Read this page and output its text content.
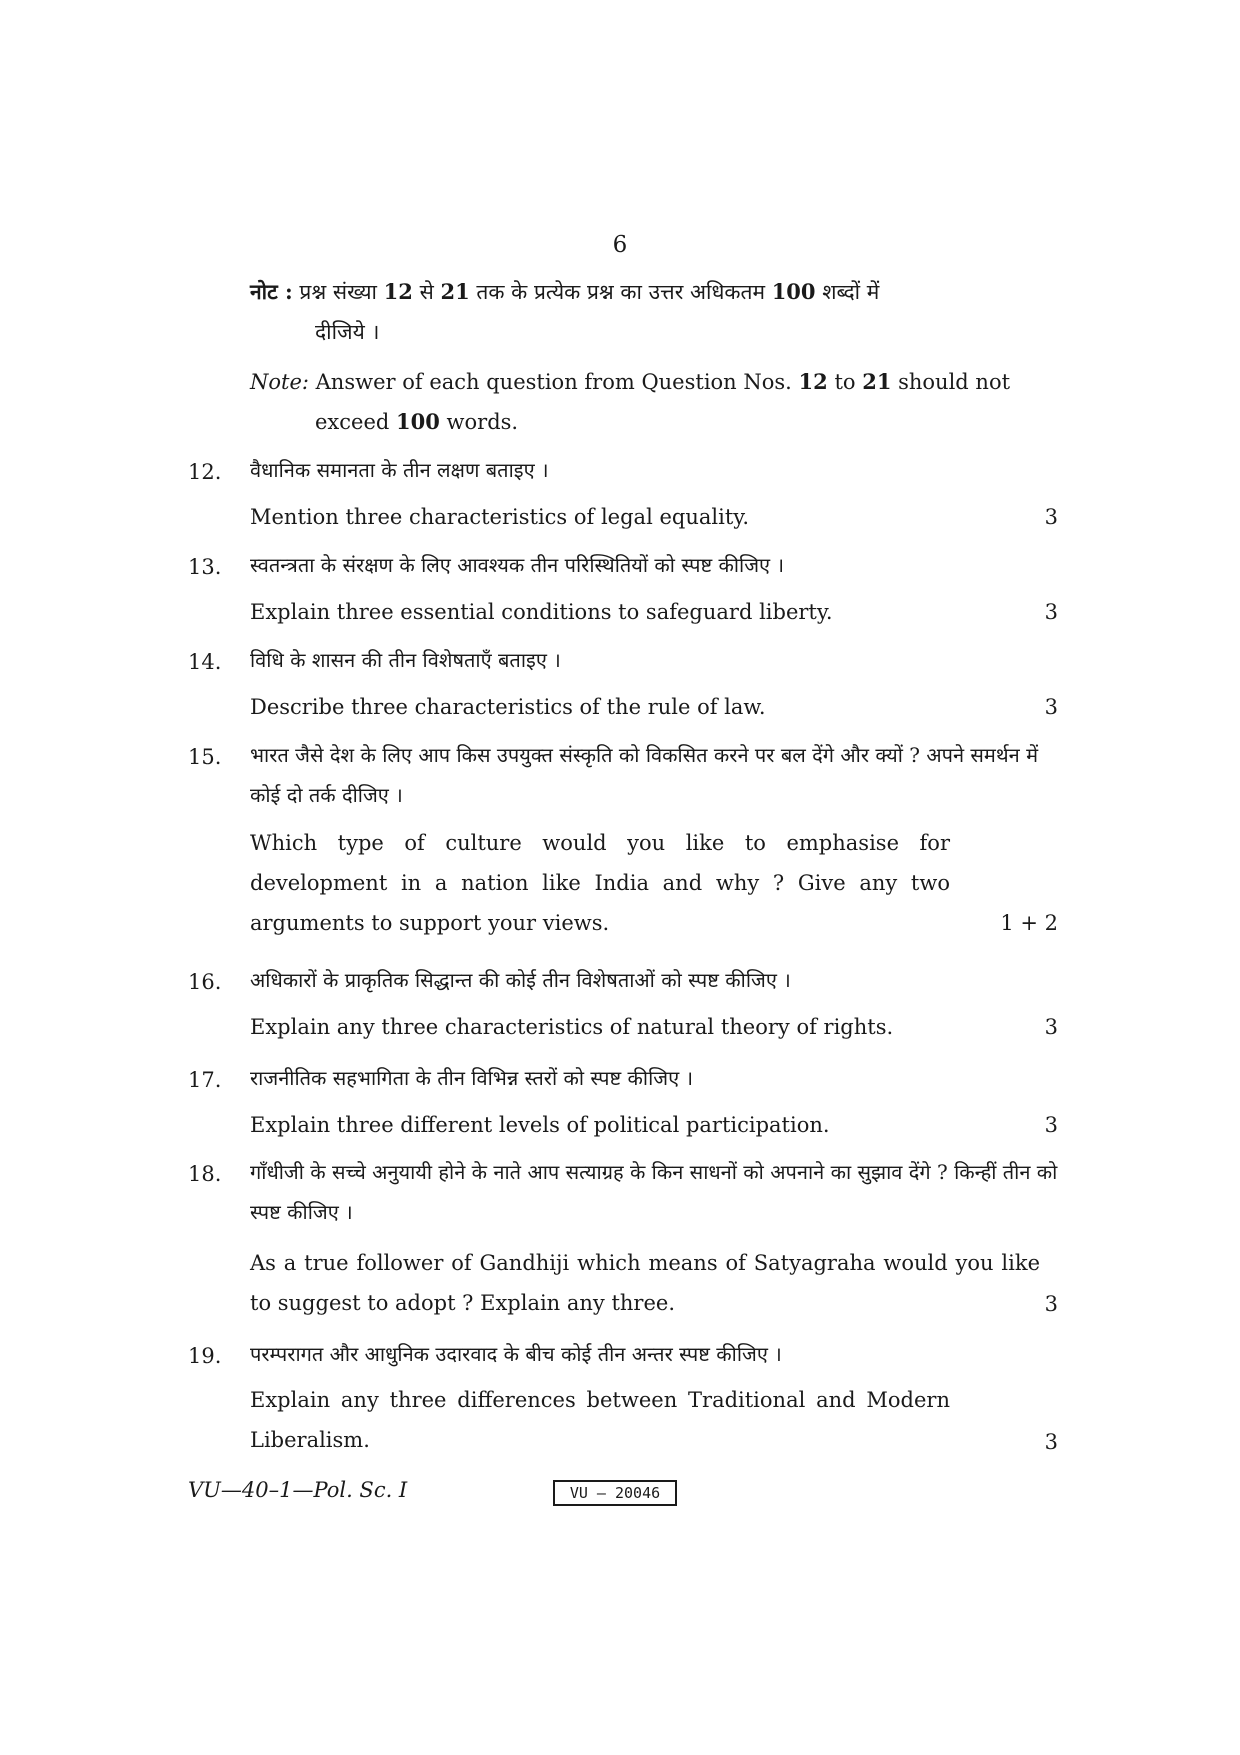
6
नोट : प्रश्न संख्या 12 से 21 तक के प्रत्येक प्रश्न का उत्तर अधिकतम 100 शब्दों में
दीजिये ।
Note: Answer of each question from Question Nos. 12 to 21 should not
exceed 100 words.
12.	वैधानिक समानता के तीन लक्षण बताइए ।
Mention three characteristics of legal equality.	3
13.	स्वतन्त्रता के संरक्षण के लिए आवश्यक तीन परिस्थितियों को स्पष्ट कीजिए ।
Explain three essential conditions to safeguard liberty.	3
14.	विधि के शासन की तीन विशेषताएँ बताइए ।
Describe three characteristics of the rule of law.	3
15.	भारत जैसे देश के लिए आप किस उपयुक्त संस्कृति को विकसित करने पर बल देंगे और क्यों ? अपने समर्थन में कोई दो तर्क दीजिए ।
Which type of culture would you like to emphasise for development in a nation like India and why ? Give any two arguments to support your views.	1 + 2
16.	अधिकारों के प्राकृतिक सिद्धान्त की कोई तीन विशेषताओं को स्पष्ट कीजिए ।
Explain any three characteristics of natural theory of rights.	3
17.	राजनीतिक सहभागिता के तीन विभिन्न स्तरों को स्पष्ट कीजिए ।
Explain three different levels of political participation.	3
18.	गाँधीजी के सच्चे अनुयायी होने के नाते आप सत्याग्रह के किन साधनों को अपनाने का सुझाव देंगे ? किन्हीं तीन को स्पष्ट कीजिए ।
As a true follower of Gandhiji which means of Satyagraha would you like to suggest to adopt ? Explain any three.	3
19.	परम्परागत और आधुनिक उदारवाद के बीच कोई तीन अन्तर स्पष्ट कीजिए ।
Explain any three differences between Traditional and Modern Liberalism.	3
VU—40–1—Pol. Sc. I	VU – 20046
